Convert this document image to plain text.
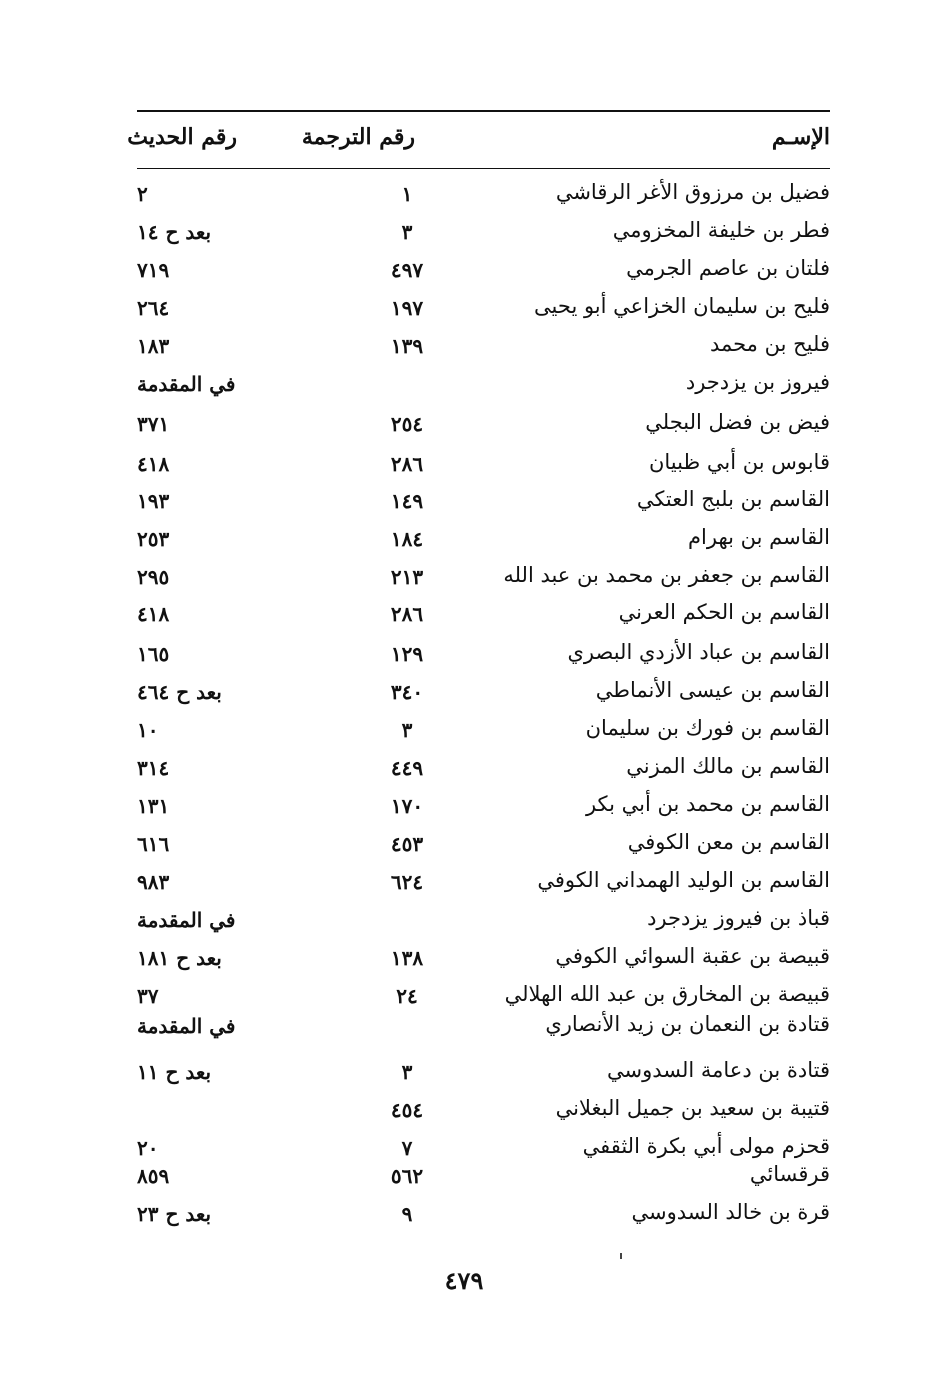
الإسـم
رقم الترجمة
رقم الحديث
فضيل بن مرزوق الأغر الرقاشي
١
٢
فطر بن خليفة المخزومي
٣
بعد ح ١٤
فلتان بن عاصم الجرمي
٤٩٧
٧١٩
فليح بن سليمان الخزاعي أبو يحيى
١٩٧
٢٦٤
فليح بن محمد
١٣٩
١٨٣
فيروز بن يزدجرد
في المقدمة
فيض بن فضل البجلي
٢٥٤
٣٧١
قابوس بن أبي ظبيان
٢٨٦
٤١٨
القاسم بن بلبج العتكي
١٤٩
١٩٣
القاسم بن بهرام
١٨٤
٢٥٣
القاسم بن جعفر بن محمد بن عبد الله
٢١٣
٢٩٥
القاسم بن الحكم العرني
٢٨٦
٤١٨
القاسم بن عباد الأزدي البصري
١٢٩
١٦٥
القاسم بن عيسى الأنماطي
٣٤٠
بعد ح ٤٦٤
القاسم بن فورك بن سليمان
٣
١٠
القاسم بن مالك المزني
٤٤٩
٣١٤
القاسم بن محمد بن أبي بكر
١٧٠
١٣١
القاسم بن معن الكوفي
٤٥٣
٦١٦
القاسم بن الوليد الهمداني الكوفي
٦٢٤
٩٨٣
قباذ بن فيروز يزدجرد
في المقدمة
قبيصة بن عقبة السوائي الكوفي
١٣٨
بعد ح ١٨١
قبيصة بن المخارق بن عبد الله الهلالي
٢٤
٣٧
قتادة بن النعمان بن زيد الأنصاري
في المقدمة
قتادة بن دعامة السدوسي
٣
بعد ح ١١
قتيبة بن سعيد بن جميل البغلاني
٤٥٤
قحزم مولى أبي بكرة الثقفي
٧
٢٠
قرقسائي
٥٦٢
٨٥٩
قرة بن خالد السدوسي
٩
بعد ح ٢٣
٤٧٩
